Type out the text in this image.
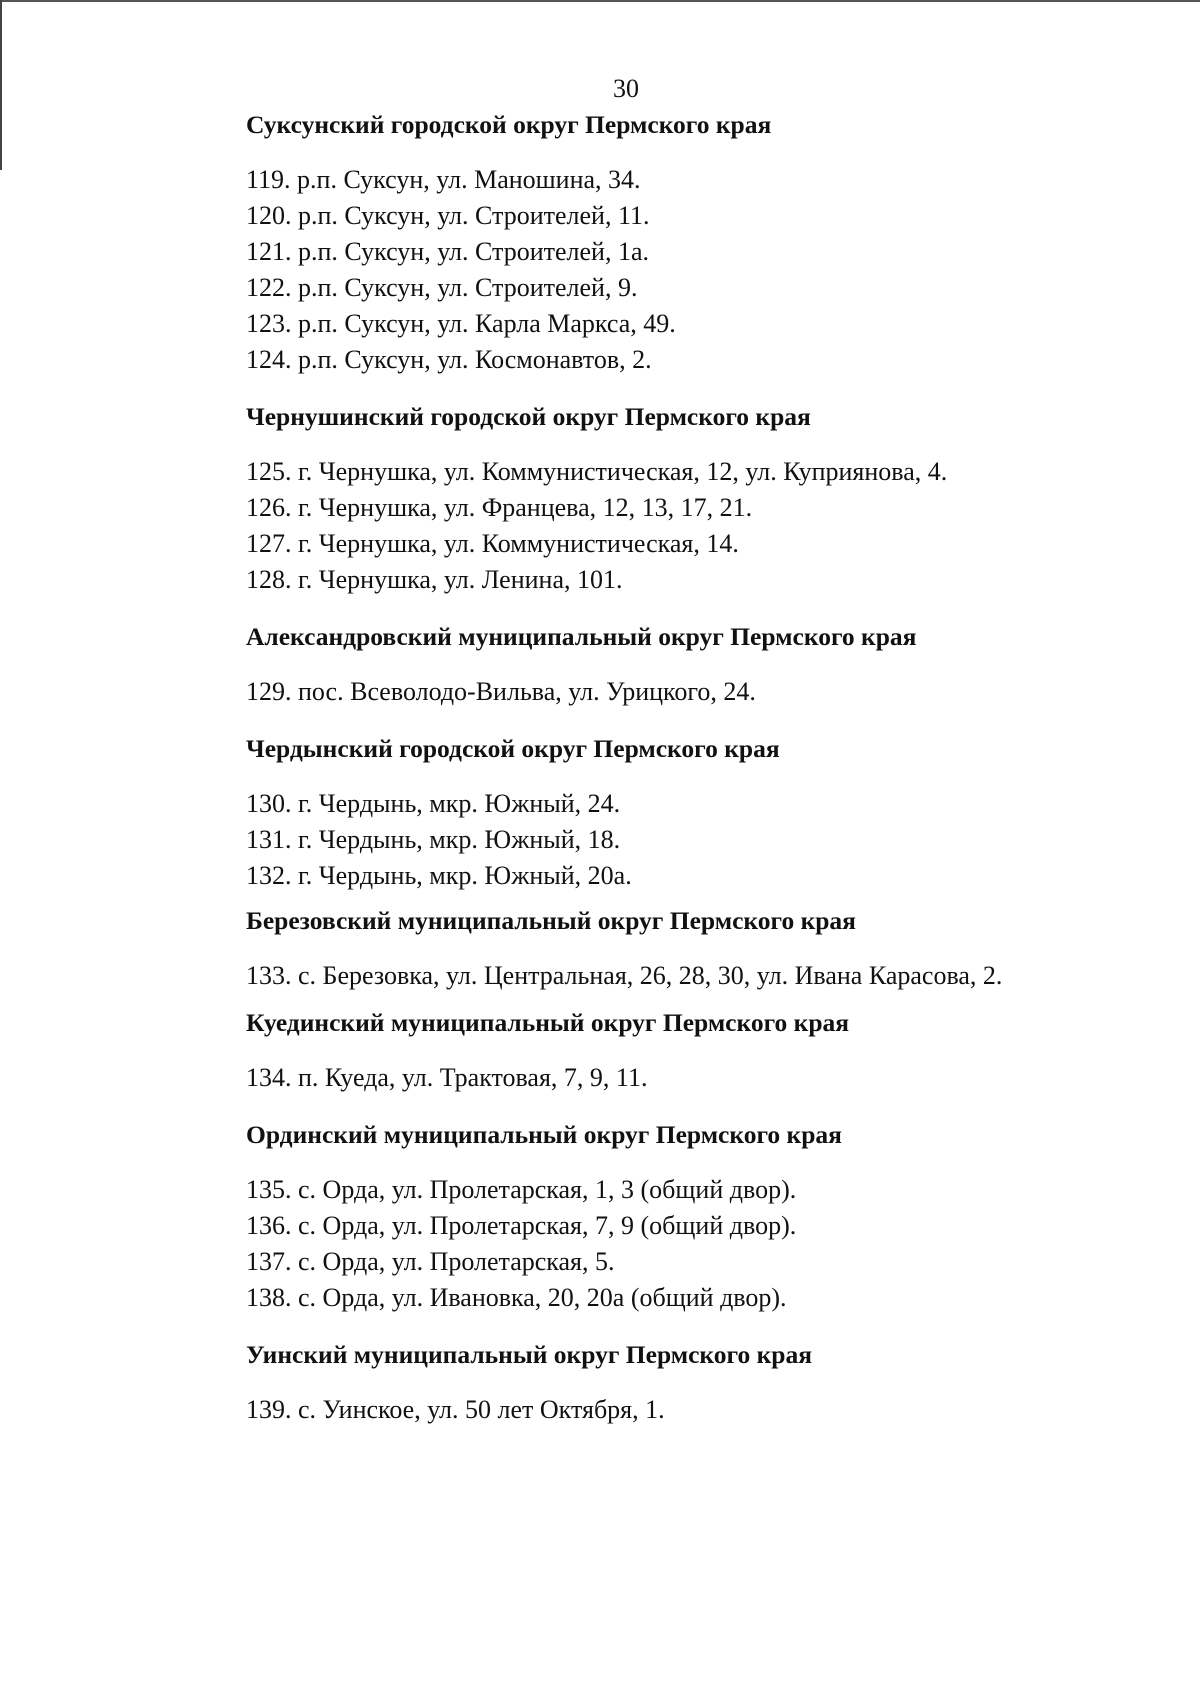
30
Суксунский городской округ Пермского края
119. р.п. Суксун, ул. Маношина, 34.
120. р.п. Суксун, ул. Строителей, 11.
121. р.п. Суксун, ул. Строителей, 1а.
122. р.п. Суксун, ул. Строителей, 9.
123. р.п. Суксун, ул. Карла Маркса, 49.
124. р.п. Суксун, ул. Космонавтов, 2.
Чернушинский городской округ Пермского края
125. г. Чернушка, ул. Коммунистическая, 12, ул. Куприянова, 4.
126. г. Чернушка, ул. Францева, 12, 13, 17, 21.
127. г. Чернушка, ул. Коммунистическая, 14.
128. г. Чернушка, ул. Ленина, 101.
Александровский муниципальный округ Пермского края
129. пос. Всеволодо-Вильва, ул. Урицкого, 24.
Чердынский городской округ Пермского края
130. г. Чердынь, мкр. Южный, 24.
131. г. Чердынь, мкр. Южный, 18.
132. г. Чердынь, мкр. Южный, 20а.
Березовский муниципальный округ Пермского края
133. с. Березовка, ул. Центральная, 26, 28, 30, ул. Ивана Карасова, 2.
Куединский муниципальный округ Пермского края
134. п. Куеда, ул. Трактовая, 7, 9, 11.
Ординский муниципальный округ Пермского края
135. с. Орда, ул. Пролетарская, 1, 3 (общий двор).
136. с. Орда, ул. Пролетарская, 7, 9 (общий двор).
137. с. Орда, ул. Пролетарская, 5.
138. с. Орда, ул. Ивановка, 20, 20а (общий двор).
Уинский муниципальный округ Пермского края
139. с. Уинское, ул. 50 лет Октября, 1.
